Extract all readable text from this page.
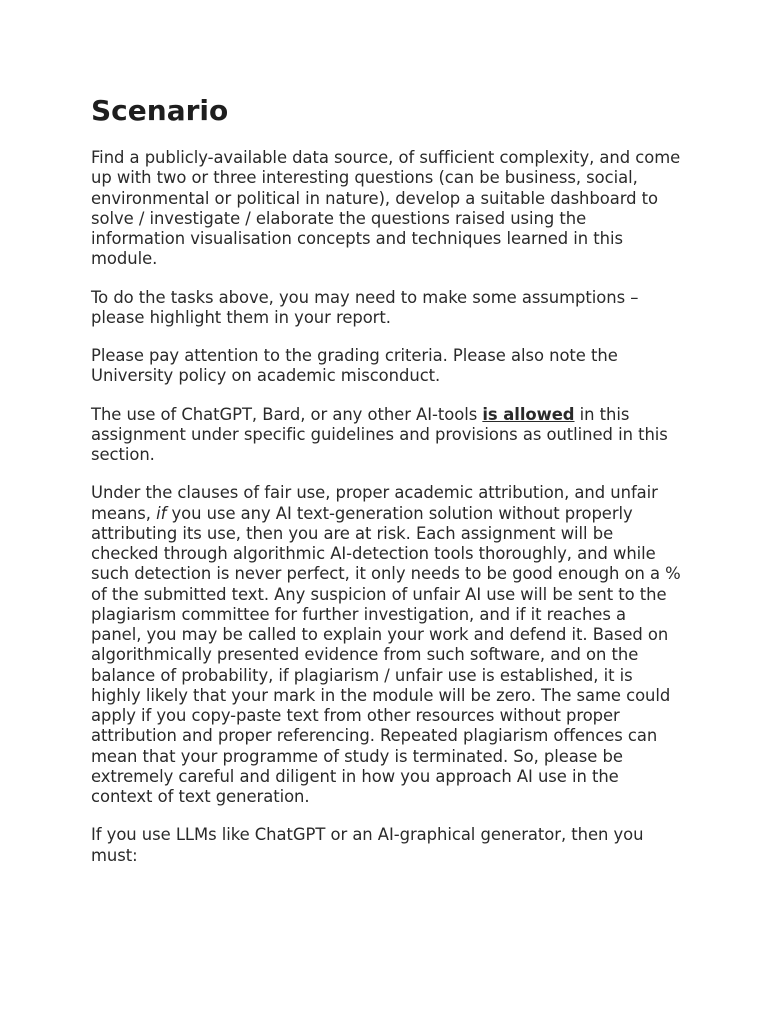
Scenario

Find a publicly-available data source, of sufficient complexity, and come up with two or three interesting questions (can be business, social, environmental or political in nature), develop a suitable dashboard to solve / investigate / elaborate the questions raised using the information visualisation concepts and techniques learned in this module.

To do the tasks above, you may need to make some assumptions – please highlight them in your report.

Please pay attention to the grading criteria. Please also note the University policy on academic misconduct.

The use of ChatGPT, Bard, or any other AI-tools is allowed in this assignment under specific guidelines and provisions as outlined in this section.

Under the clauses of fair use, proper academic attribution, and unfair means, if you use any AI text-generation solution without properly attributing its use, then you are at risk. Each assignment will be checked through algorithmic AI-detection tools thoroughly, and while such detection is never perfect, it only needs to be good enough on a % of the submitted text. Any suspicion of unfair AI use will be sent to the plagiarism committee for further investigation, and if it reaches a panel, you may be called to explain your work and defend it. Based on algorithmically presented evidence from such software, and on the balance of probability, if plagiarism / unfair use is established, it is highly likely that your mark in the module will be zero. The same could apply if you copy-paste text from other resources without proper attribution and proper referencing. Repeated plagiarism offences can mean that your programme of study is terminated. So, please be extremely careful and diligent in how you approach AI use in the context of text generation.

If you use LLMs like ChatGPT or an AI-graphical generator, then you must:
